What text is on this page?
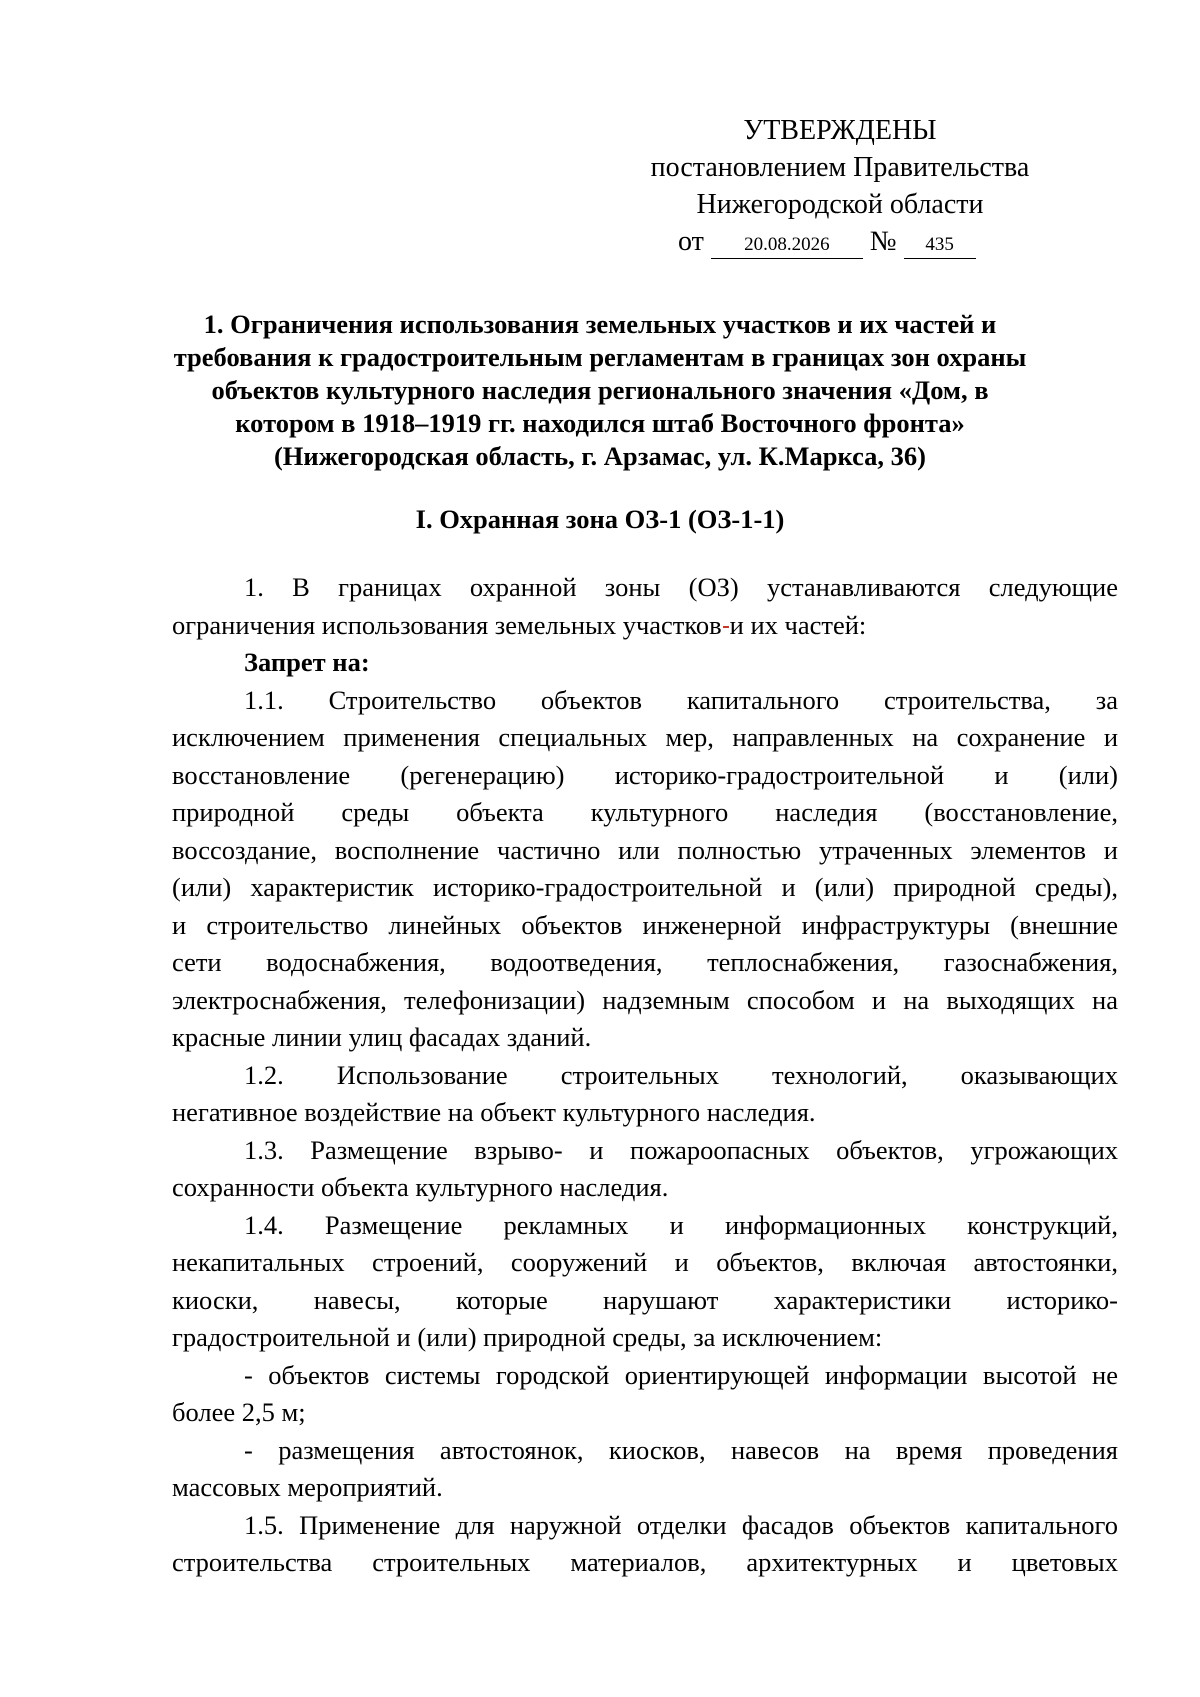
УТВЕРЖДЕНЫ
постановлением Правительства
Нижегородской области
от 20.08.2026 № 435
1. Ограничения использования земельных участков и их частей и
требования к градостроительным регламентам в границах зон охраны
объектов культурного наследия регионального значения «Дом, в
котором в 1918–1919 гг. находился штаб Восточного фронта»
(Нижегородская область, г. Арзамас, ул. К.Маркса, 36)
I. Охранная зона ОЗ-1 (ОЗ-1-1)
1. В границах охранной зоны (ОЗ) устанавливаются следующие
ограничения использования земельных участков и их частей:
Запрет на:
1.1. Строительство объектов капитального строительства, за
исключением применения специальных мер, направленных на сохранение и
восстановление (регенерацию) историко-градостроительной и (или)
природной среды объекта культурного наследия (восстановление,
воссоздание, восполнение частично или полностью утраченных элементов и
(или) характеристик историко-градостроительной и (или) природной среды),
и строительство линейных объектов инженерной инфраструктуры (внешние
сети водоснабжения, водоотведения, теплоснабжения, газоснабжения,
электроснабжения, телефонизации) надземным способом и на выходящих на
красные линии улиц фасадах зданий.
1.2. Использование строительных технологий, оказывающих
негативное воздействие на объект культурного наследия.
1.3. Размещение взрыво- и пожароопасных объектов, угрожающих
сохранности объекта культурного наследия.
1.4. Размещение рекламных и информационных конструкций,
некапитальных строений, сооружений и объектов, включая автостоянки,
киоски, навесы, которые нарушают характеристики историко-
градостроительной и (или) природной среды, за исключением:
- объектов системы городской ориентирующей информации высотой не
более 2,5 м;
- размещения автостоянок, киосков, навесов на время проведения
массовых мероприятий.
1.5. Применение для наружной отделки фасадов объектов капитального
строительства строительных материалов, архитектурных и цветовых
